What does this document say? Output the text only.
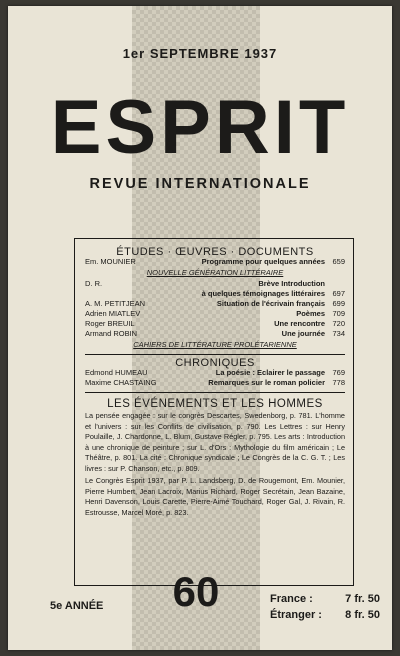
1er SEPTEMBRE 1937
ESPRIT
REVUE INTERNATIONALE
ÉTUDES · ŒUVRES · DOCUMENTS
Em. MOUNIER	Programme pour quelques années 659
NOUVELLE GÉNÉRATION LITTÉRAIRE
D. R.	Brève Introduction
à quelques témoignages littéraires 697
A. M. PETITJEAN	Situation de l'écrivain français 699
Adrien MIATLEV	Poèmes 709
Roger BREUIL	Une rencontre 720
Armand ROBIN	Une journée 734
CAHIERS DE LITTÉRATURE PROLÉTARIENNE
CHRONIQUES
Edmond HUMEAU	La poésie : Eclairer le passage 769
Maxime CHASTAING	Remarques sur le roman policier 778
LES ÉVÉNEMENTS ET LES HOMMES
La pensée engagée : sur le congrès Descartes, Swedenborg, p. 781. L'homme et l'univers : sur les Conflits de civilisation, p. 790. Les Lettres : sur Henry Poulaille, J. Chardonne, L. Blum, Gustave Régler, p. 795. Les arts : Introduction à une chronique de peinture ; sur L. d'Ors : Mythologie du film américain ; Le Théâtre, p. 801. La cité : Chronique syndicale ; Le Congrès de la C. G. T. ; Les livres : sur P. Chanson, etc., p. 809.
Le Congrès Esprit 1937, par P. L. Landsberg, D. de Rougemont, Em. Mounier, Pierre Humbert, Jean Lacroix, Marius Richard, Roger Secrétain, Jean Bazaine, Henri Davenson, Louis Carette, Pierre-Aimé Touchard, Roger Gal, J. Rivain, R. Estrousse, Marcel Moré, p. 823.
5e ANNÉE	60	France :	7 fr. 50
Étranger : 8 fr. 50
